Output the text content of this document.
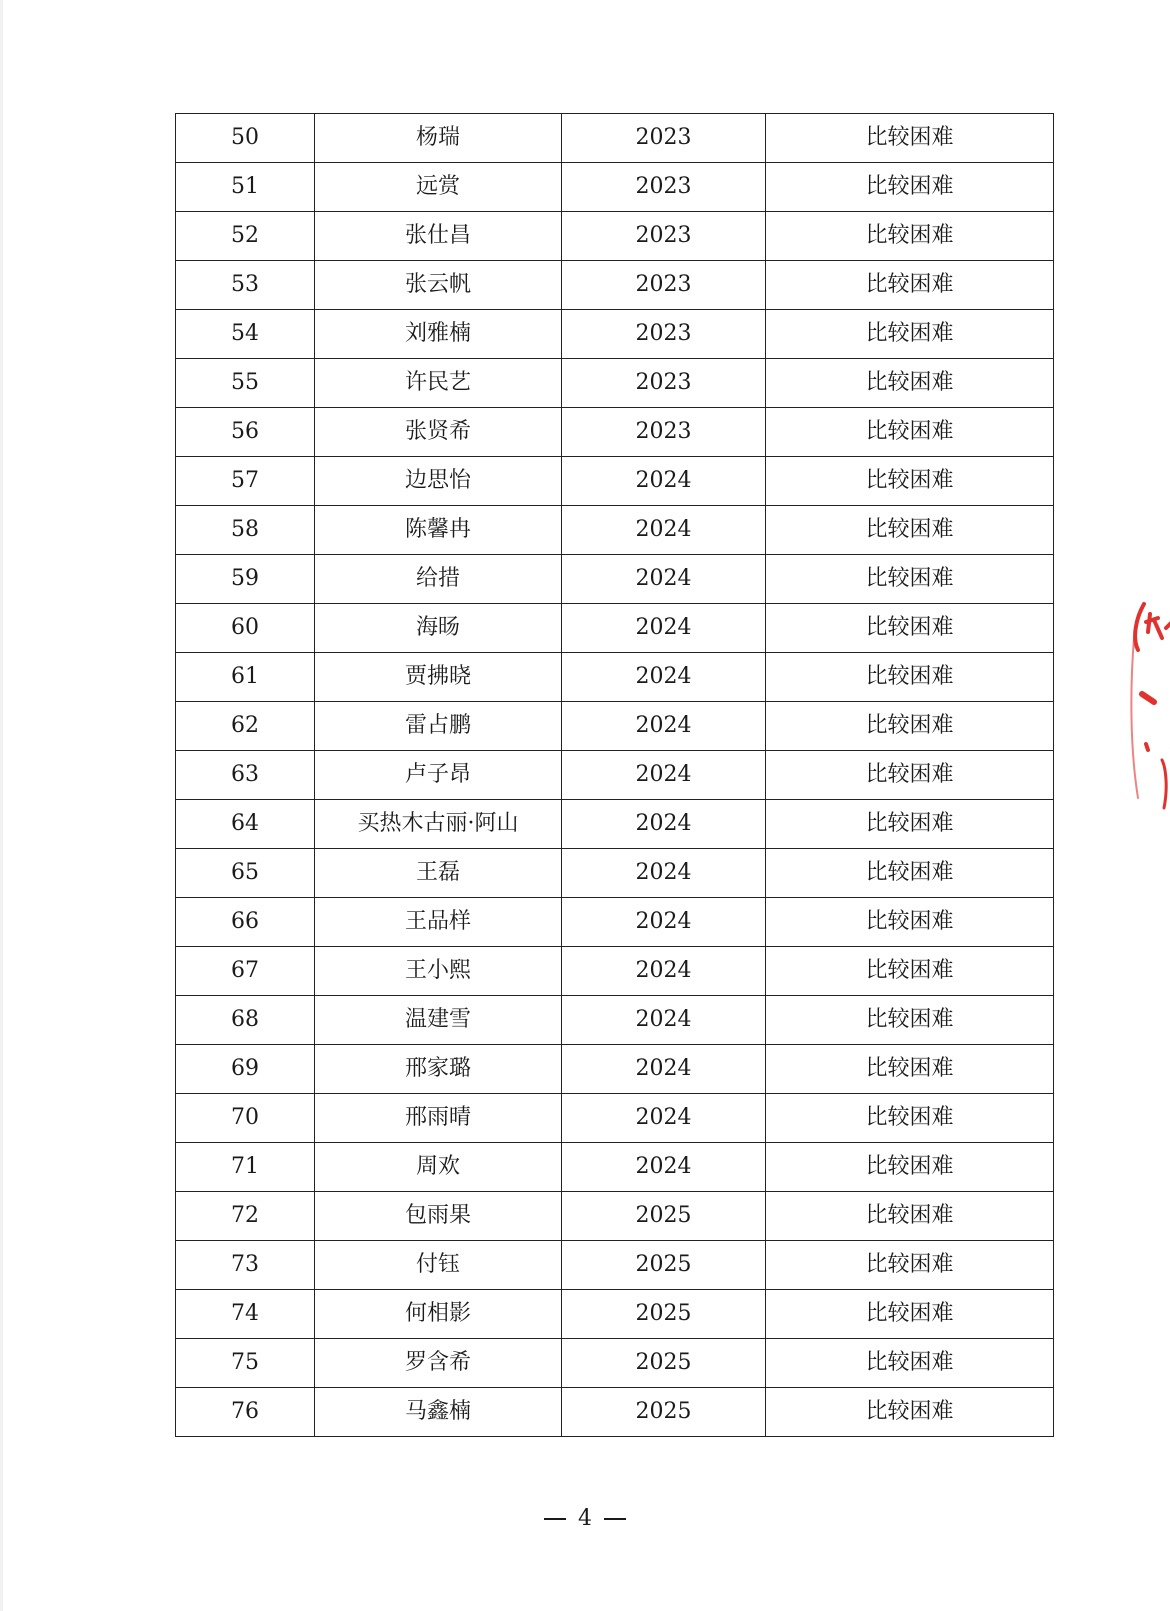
50	杨瑞	2023	比较困难
51	远赏	2023	比较困难
52	张仕昌	2023	比较困难
53	张云帆	2023	比较困难
54	刘雅楠	2023	比较困难
55	许民艺	2023	比较困难
56	张贤希	2023	比较困难
57	边思怡	2024	比较困难
58	陈馨冉	2024	比较困难
59	给措	2024	比较困难
60	海旸	2024	比较困难
61	贾拂晓	2024	比较困难
62	雷占鹏	2024	比较困难
63	卢子昂	2024	比较困难
64	买热木古丽·阿山	2024	比较困难
65	王磊	2024	比较困难
66	王品样	2024	比较困难
67	王小熙	2024	比较困难
68	温建雪	2024	比较困难
69	邢家璐	2024	比较困难
70	邢雨晴	2024	比较困难
71	周欢	2024	比较困难
72	包雨果	2025	比较困难
73	付钰	2025	比较困难
74	何相影	2025	比较困难
75	罗含希	2025	比较困难
76	马鑫楠	2025	比较困难
4
